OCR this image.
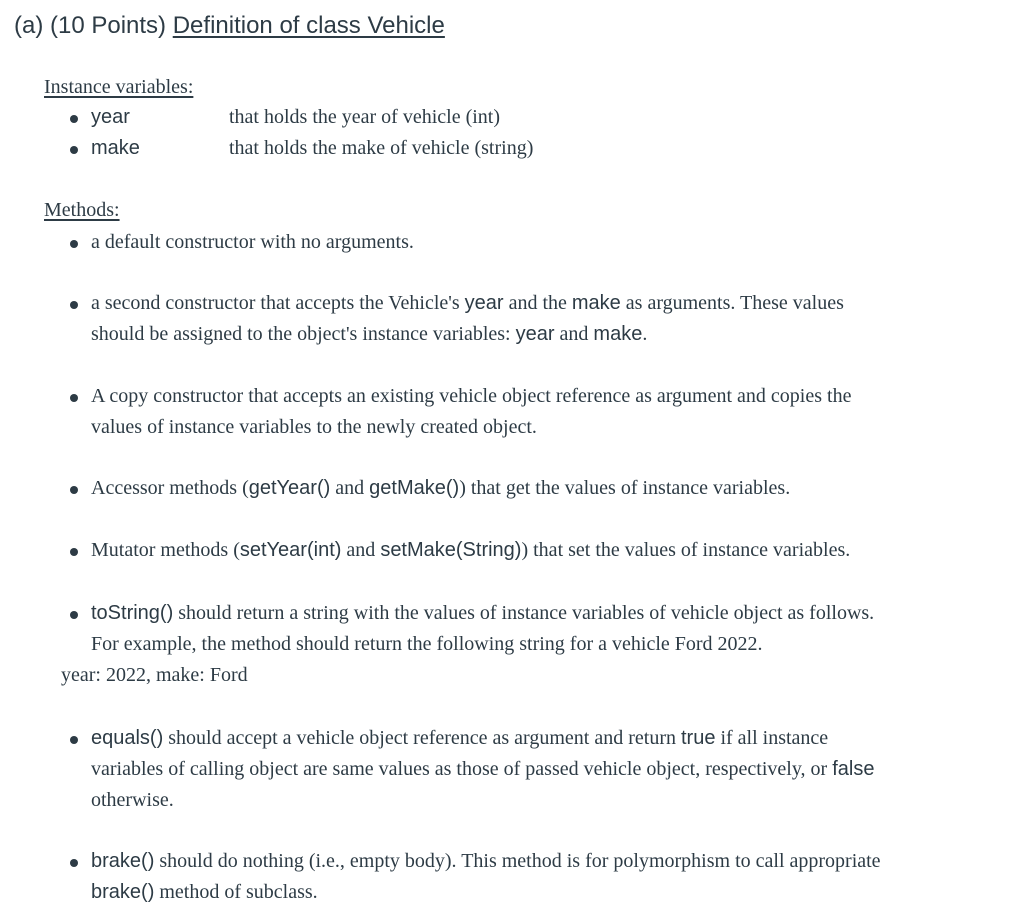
(a) (10 Points) Definition of class Vehicle
Instance variables:
year	that holds the year of vehicle (int)
make	that holds the make of vehicle (string)
Methods:
a default constructor with no arguments.
a second constructor that accepts the Vehicle's year and the make as arguments. These values
should be assigned to the object's instance variables: year and make.
A copy constructor that accepts an existing vehicle object reference as argument and copies the
values of instance variables to the newly created object.
Accessor methods (getYear() and getMake()) that get the values of instance variables.
Mutator methods (setYear(int) and setMake(String)) that set the values of instance variables.
toString() should return a string with the values of instance variables of vehicle object as follows.
For example, the method should return the following string for a vehicle Ford 2022.
year: 2022, make: Ford
equals() should accept a vehicle object reference as argument and return true if all instance
variables of calling object are same values as those of passed vehicle object, respectively, or false
otherwise.
brake() should do nothing (i.e., empty body). This method is for polymorphism to call appropriate
brake() method of subclass.
